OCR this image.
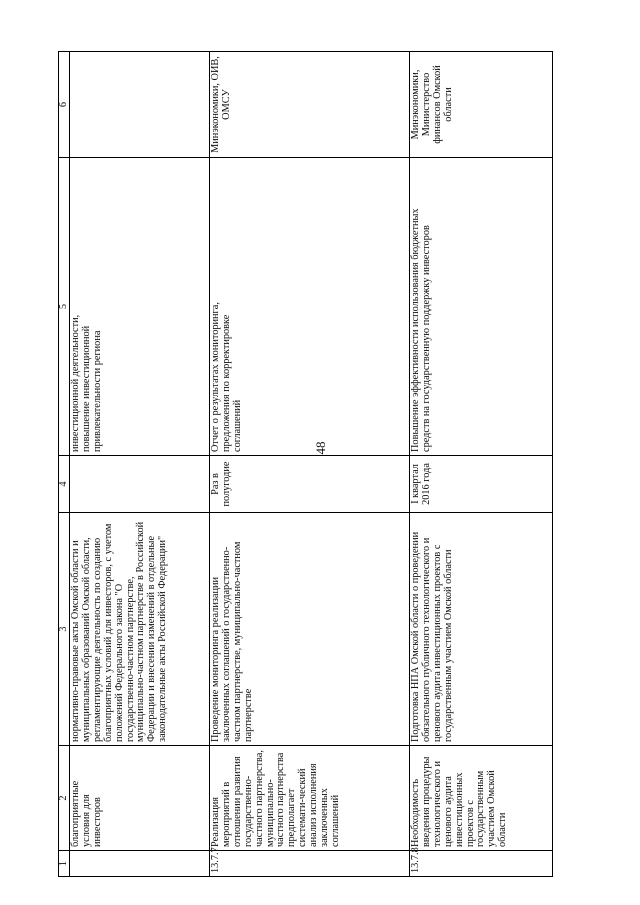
48
1	2	3	4	5	6
	благоприятные условия для инвесторов	нормативно-правовые акты Омской области и муниципальных образований Омской области, регламентирующие деятельность по созданию благоприятных условий для инвесторов, с учетом положений Федерального закона "О государственно-частном партнерстве, муниципально-частном партнерстве в Российской Федерации и внесении изменений в отдельные законодательные акты Российской Федерации"		инвестиционной деятельности, повышение инвестиционной привлекательности региона	
13.7.7	Реализация мероприятий в отношении развития государственно-частного партнерства, муниципально-частного партнерства предполагает системати-ческий анализ исполнения заключенных соглашений	Проведение мониторинга реализации заключенных соглашений о государственно-частном партнерстве, муниципально-частном партнерстве	Раз в полугодие	Отчет о результатах мониторинга, предложения по корректировке соглашений	Минэкономики, ОИВ, ОМСУ
13.7.8	Необходимость введения процедуры технологического и ценового аудита инвестиционных проектов с государственным участием Омской области	Подготовка НПА Омской области о проведении обязательного публичного технологического и ценового аудита инвестиционных проектов с государственным участием Омской области	I квартал 2016 года	Повышение эффективности использования бюджетных средств на государственную поддержку инвесторов	Минэкономики, Министерство финансов Омской области
